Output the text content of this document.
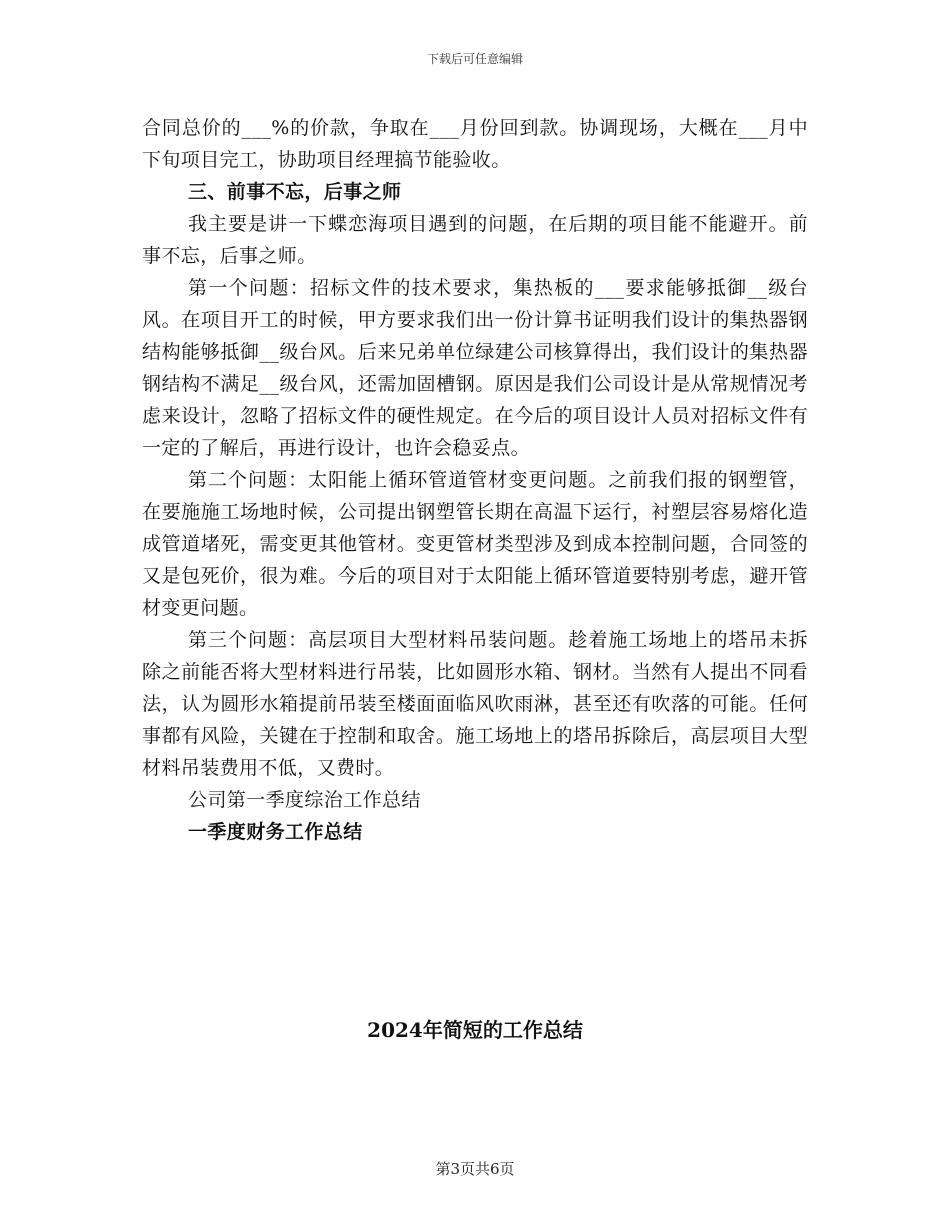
下载后可任意编辑

合同总价的___%的价款，争取在___月份回到款。协调现场，大概在___月中下旬项目完工，协助项目经理搞节能验收。

三、前事不忘，后事之师

我主要是讲一下蝶恋海项目遇到的问题，在后期的项目能不能避开。前事不忘，后事之师。

第一个问题：招标文件的技术要求，集热板的___要求能够抵御__级台风。在项目开工的时候，甲方要求我们出一份计算书证明我们设计的集热器钢结构能够抵御__级台风。后来兄弟单位绿建公司核算得出，我们设计的集热器钢结构不满足__级台风，还需加固槽钢。原因是我们公司设计是从常规情况考虑来设计，忽略了招标文件的硬性规定。在今后的项目设计人员对招标文件有一定的了解后，再进行设计，也许会稳妥点。

第二个问题：太阳能上循环管道管材变更问题。之前我们报的钢塑管，在要施施工场地时候，公司提出钢塑管长期在高温下运行，衬塑层容易熔化造成管道堵死，需变更其他管材。变更管材类型涉及到成本控制问题，合同签的又是包死价，很为难。今后的项目对于太阳能上循环管道要特别考虑，避开管材变更问题。

第三个问题：高层项目大型材料吊装问题。趁着施工场地上的塔吊未拆除之前能否将大型材料进行吊装，比如圆形水箱、钢材。当然有人提出不同看法，认为圆形水箱提前吊装至楼面面临风吹雨淋，甚至还有吹落的可能。任何事都有风险，关键在于控制和取舍。施工场地上的塔吊拆除后，高层项目大型材料吊装费用不低，又费时。

公司第一季度综治工作总结

一季度财务工作总结

2024年简短的工作总结
第3页共6页
